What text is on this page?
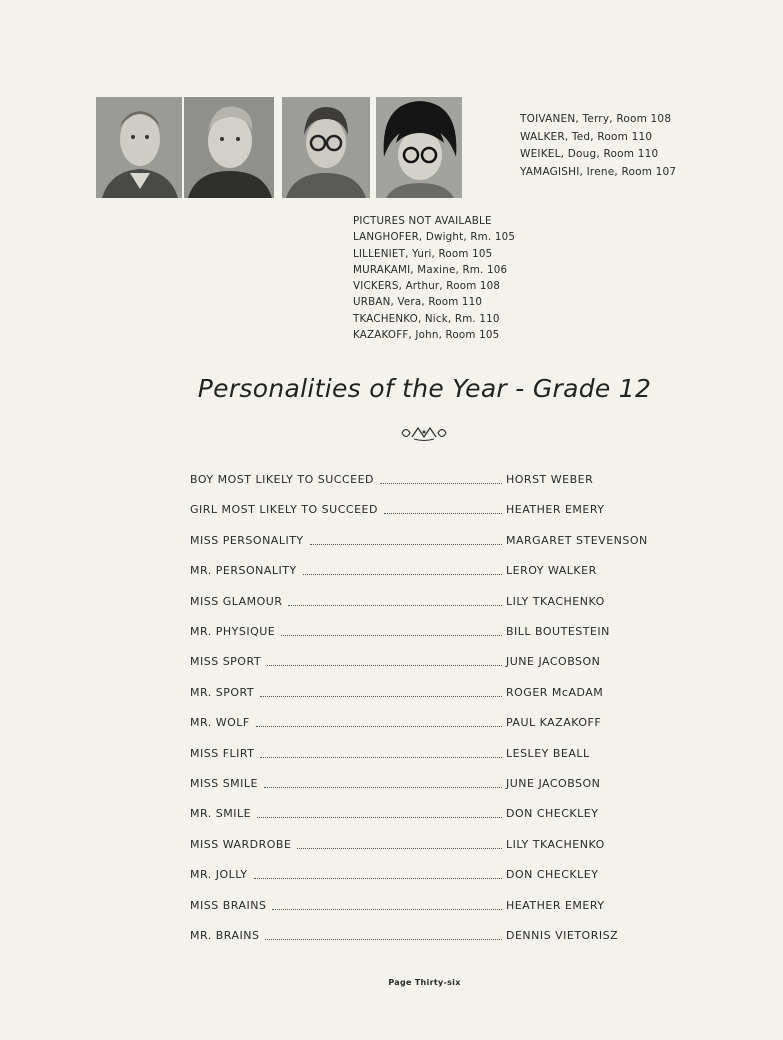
TOIVANEN, Terry, Room 108
WALKER, Ted, Room 110
WEIKEL, Doug, Room 110
YAMAGISHI, Irene, Room 107
PICTURES NOT AVAILABLE
LANGHOFER, Dwight, Rm. 105
LILLENIET, Yuri, Room 105
MURAKAMI, Maxine, Rm. 106
VICKERS, Arthur, Room 108
URBAN, Vera, Room 110
TKACHENKO, Nick, Rm. 110
KAZAKOFF, John, Room 105
Personalities of the Year - Grade 12
BOY MOST LIKELY TO SUCCEED	HORST WEBER
GIRL MOST LIKELY TO SUCCEED	HEATHER EMERY
MISS PERSONALITY	MARGARET STEVENSON
MR. PERSONALITY	LEROY WALKER
MISS GLAMOUR	LILY TKACHENKO
MR. PHYSIQUE	BILL BOUTESTEIN
MISS SPORT	JUNE JACOBSON
MR. SPORT	ROGER McADAM
MR. WOLF	PAUL KAZAKOFF
MISS FLIRT	LESLEY BEALL
MISS SMILE	JUNE JACOBSON
MR. SMILE	DON CHECKLEY
MISS WARDROBE	LILY TKACHENKO
MR. JOLLY	DON CHECKLEY
MISS BRAINS	HEATHER EMERY
MR. BRAINS	DENNIS VIETORISZ
Page Thirty-six
